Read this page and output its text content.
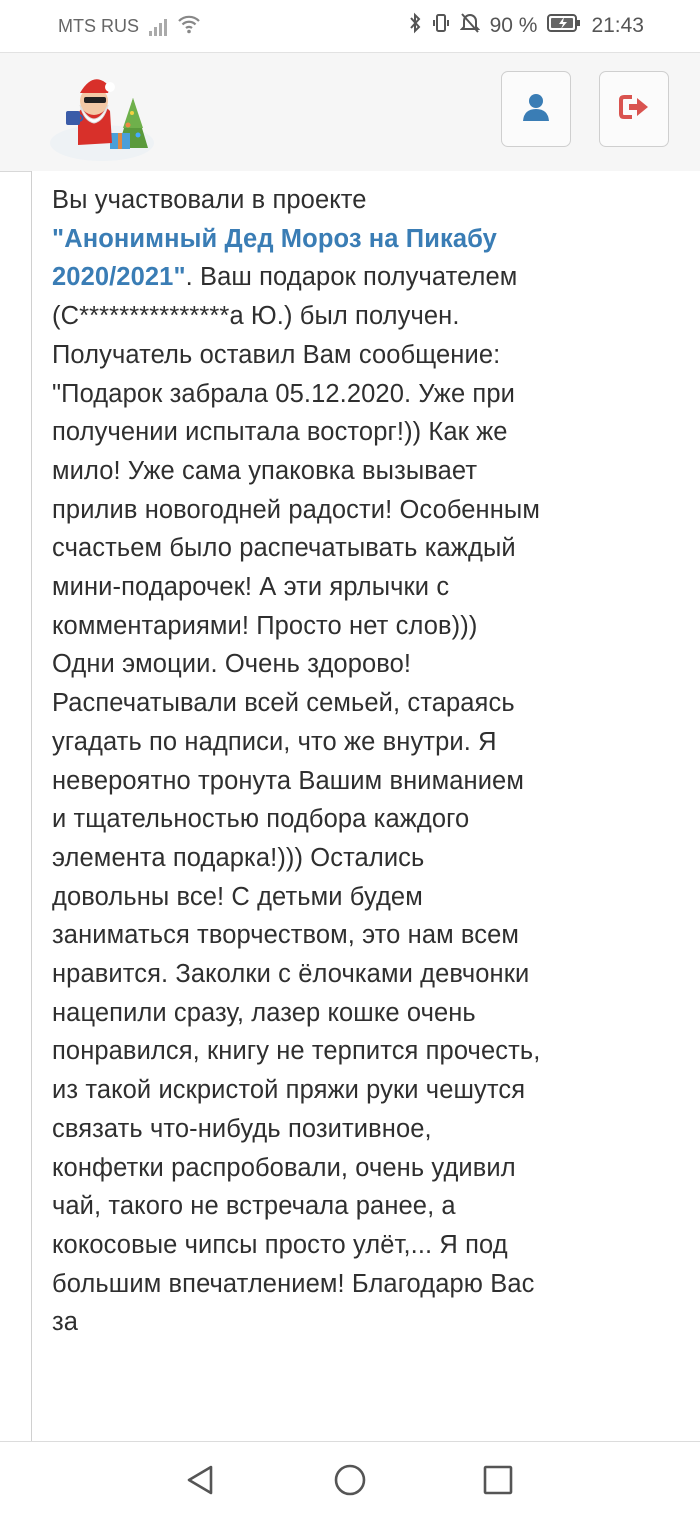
MTS RUS	90 %	21:43
Вы участвовали в проекте
"Анонимный Дед Мороз на Пикабу 2020/2021". Ваш подарок получателем (С***************а Ю.) был получен.
Получатель оставил Вам сообщение:
"Подарок забрала 05.12.2020. Уже при получении испытала восторг!)) Как же мило! Уже сама упаковка вызывает прилив новогодней радости! Особенным счастьем было распечатывать каждый мини-подарочек! А эти ярлычки с комментариями! Просто нет слов))) Одни эмоции. Очень здорово! Распечатывали всей семьей, стараясь угадать по надписи, что же внутри. Я невероятно тронута Вашим вниманием и тщательностью подбора каждого элемента подарка!))) Остались довольны все! С детьми будем заниматься творчеством, это нам всем нравится. Заколки с ёлочками девчонки нацепили сразу, лазер кошке очень понравился, книгу не терпится прочесть, из такой искристой пряжи руки чешутся связать что-нибудь позитивное, конфетки распробовали, очень удивил чай, такого не встречала ранее, а кокосовые чипсы просто улёт,... Я под большим впечатлением! Благодарю Вас за
